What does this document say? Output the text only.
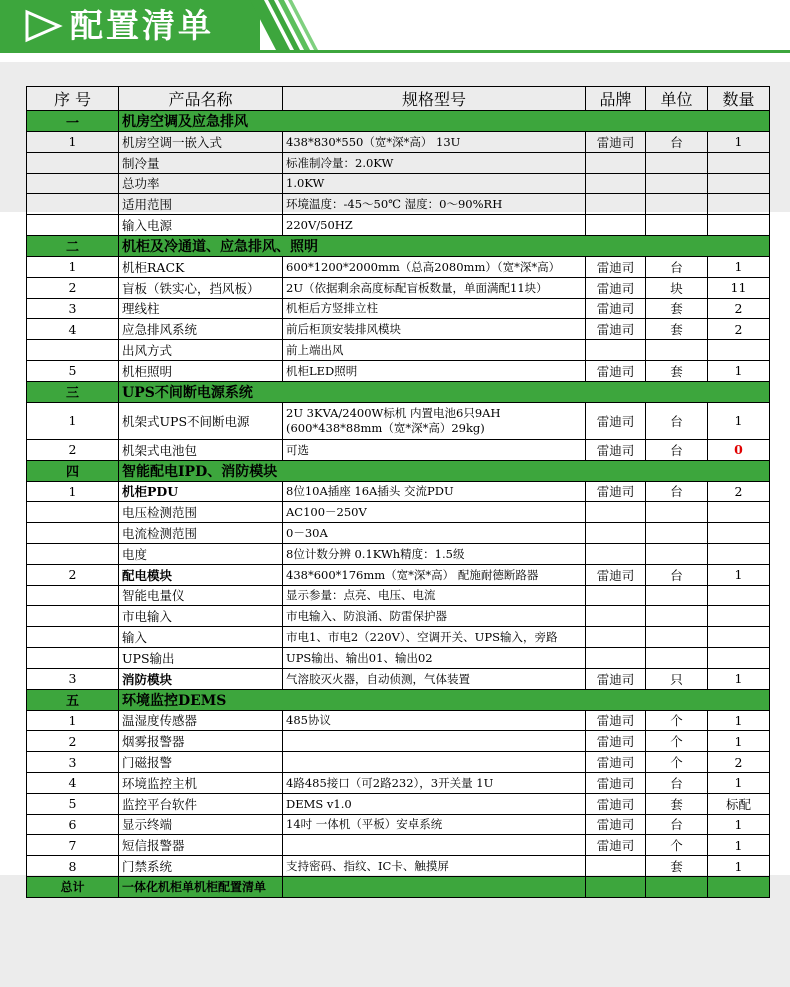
配置清单
序 号	产品名称	规格型号	品牌	单位	数量
一	机房空调及应急排风				
1	机房空调一嵌入式	438*830*550（宽*深*高） 13U	雷迪司	台	1
	制冷量	标准制冷量：2.0KW			
	总功率	1.0KW			
	适用范围	环境温度：-45～50℃ 湿度：0～90%RH			
	输入电源	220V/50HZ			
二	机柜及冷通道、应急排风、照明				
1	机柜RACK	600*1200*2000mm（总高2080mm）（宽*深*高）	雷迪司	台	1
2	盲板（铁实心，挡风板）	2U（依据剩余高度标配盲板数量，单面满配11块）	雷迪司	块	11
3	理线柱	机柜后方竖排立柱	雷迪司	套	2
4	应急排风系统	前后柜顶安装排风模块	雷迪司	套	2
	出风方式	前上端出风			
5	机柜照明	机柜LED照明	雷迪司	套	1
三	UPS不间断电源系统				
1	机架式UPS不间断电源	2U 3KVA/2400W标机 内置电池6只9AH
(600*438*88mm（宽*深*高）29kg)	雷迪司	台	1
2	机架式电池包	可选	雷迪司	台	0
四	智能配电IPD、消防模块				
1	机柜PDU	8位10A插座 16A插头 交流PDU	雷迪司	台	2
	电压检测范围	AC100－250V			
	电流检测范围	0－30A			
	电度	8位计数分辨 0.1KWh精度：1.5级			
2	配电模块	438*600*176mm（宽*深*高） 配施耐德断路器	雷迪司	台	1
	智能电量仪	显示参量：点亮、电压、电流			
	市电输入	市电输入、防浪涌、防雷保护器			
	输入	市电1、市电2（220V）、空调开关、UPS输入，旁路			
	UPS输出	UPS输出、输出01、输出02			
3	消防模块	气溶胶灭火器，自动侦测，气体装置	雷迪司	只	1
五	环境监控DEMS				
1	温湿度传感器	485协议	雷迪司	个	1
2	烟雾报警器		雷迪司	个	1
3	门磁报警		雷迪司	个	2
4	环境监控主机	4路485接口（可2路232），3开关量 1U	雷迪司	台	1
5	监控平台软件	DEMS v1.0	雷迪司	套	标配
6	显示终端	14吋 一体机（平板）安卓系统	雷迪司	台	1
7	短信报警器		雷迪司	个	1
8	门禁系统	支持密码、指纹、IC卡、触摸屏		套	1
总计	一体化机柜单机柜配置清单				
